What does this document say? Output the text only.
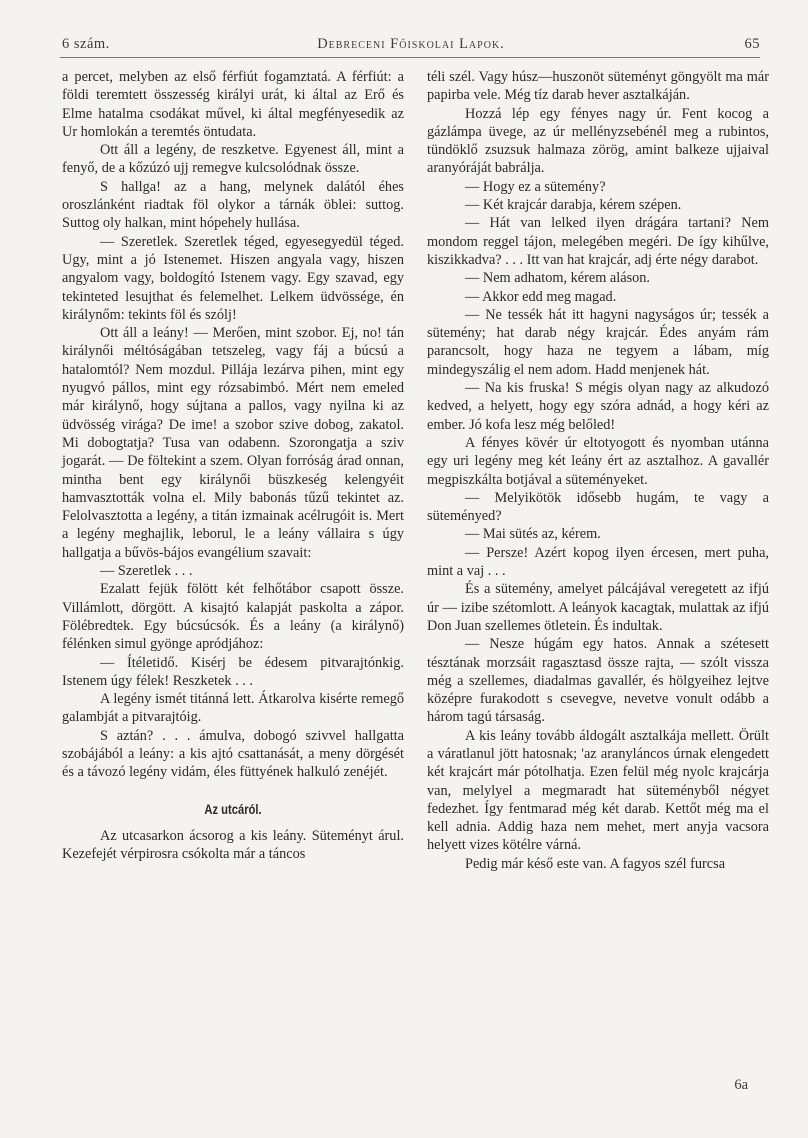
6 szám.	Debreceni Főiskolai Lapok.	65

a percet, melyben az első férfiút fogamztatá. A férfiút: a földi teremtett összesség királyi urát, ki által az Erő és Elme hatalma csodákat művel, ki által megfényesedik az Ur homlokán a teremtés öntudata.

Ott áll a legény, de reszketve. Egyenest áll, mint a fenyő, de a kőzúzó ujj remegve kulcsolódnak össze.

S hallga! az a hang, melynek dalától éhes oroszlánként riadtak föl olykor a tárnák öblei: suttog. Suttog oly halkan, mint hópehely hullása.

— Szeretlek. Szeretlek téged, egyesegyedül téged. Ugy, mint a jó Istenemet. Hiszen angyala vagy, hiszen angyalom vagy, boldogító Istenem vagy. Egy szavad, egy tekinteted lesujthat és felemelhet. Lelkem üdvössége, én királynőm: tekints föl és szólj!

Ott áll a leány! — Merően, mint szobor. Ej, no! tán királynői méltóságában tetszeleg, vagy fáj a búcsú a hatalomtól? Nem mozdul. Pillája lezárva pihen, mint egy nyugvó pállos, mint egy rózsabimbó. Mért nem emeled már királynő, hogy sújtana a pallos, vagy nyilna ki az üdvösség virága? De ime! a szobor szive dobog, zakatol. Mi dobogtatja? Tusa van odabenn. Szorongatja a sziv jogarát. — De föltekint a szem. Olyan forróság árad onnan, mintha bent egy királynői büszkeség kelengyéit hamvasztották volna el. Mily babonás tűzű tekintet az. Felolvasztotta a legény, a titán izmainak acélrugóit is. Mert a legény meghajlik, leborul, le a leány vállaira s úgy hallgatja a bűvös-bájos evangélium szavait:

— Szeretlek . . .

Ezalatt fejük fölött két felhőtábor csapott össze. Villámlott, dörgött. A kisajtó kalapját paskolta a zápor. Fölébredtek. Egy búcsúcsók. És a leány (a királynő) félénken simul gyönge apródjához:

— Ítéletidő. Kisérj be édesem pitvarajtónkig. Istenem úgy félek! Reszketek . . .

A legény ismét titánná lett. Átkarolva kisérte remegő galambját a pitvarajtóig.

S aztán? . . . ámulva, dobogó szivvel hallgatta szobájából a leány: a kis ajtó csattanását, a meny dörgését és a távozó legény vidám, éles füttyének halkuló zenéjét.

Az utcáról.

Az utcasarkon ácsorog a kis leány. Süteményt árul. Kezefejét vérpirosra csókolta már a táncos

téli szél. Vagy húsz—huszonöt süteményt göngyölt ma már papirba vele. Még tíz darab hever asztalkáján.

Hozzá lép egy fényes nagy úr. Fent kocog a gázlámpa üvege, az úr mellényzsebénél meg a rubintos, tündöklő zsuzsuk halmaza zörög, amint balkeze ujjaival aranyóráját babrálja.

— Hogy ez a sütemény?

— Két krajcár darabja, kérem szépen.

— Hát van lelked ilyen drágára tartani? Nem mondom reggel tájon, melegében megéri. De így kihűlve, kiszikkadva? . . . Itt van hat krajcár, adj érte négy darabot.

— Nem adhatom, kérem aláson.

— Akkor edd meg magad.

— Ne tessék hát itt hagyni nagyságos úr; tessék a sütemény; hat darab négy krajcár. Édes anyám rám parancsolt, hogy haza ne tegyem a lábam, míg mindegyszálig el nem adom. Hadd menjenek hát.

— Na kis fruska! S mégis olyan nagy az alkudozó kedved, a helyett, hogy egy szóra adnád, a hogy kéri az ember. Jó kofa lesz még belőled!

A fényes kövér úr eltotyogott és nyomban utánna egy uri legény meg két leány ért az asztalhoz. A gavallér megpiszkálta botjával a süteményeket.

— Melyikötök idősebb hugám, te vagy a süteményed?

— Mai sütés az, kérem.

— Persze! Azért kopog ilyen ércesen, mert puha, mint a vaj . . .

És a sütemény, amelyet pálcájával veregetett az ifjú úr — izibe szétomlott. A leányok kacagtak, mulattak az ifjú Don Juan szellemes ötletein. És indultak.

— Nesze húgám egy hatos. Annak a szétesett tésztának morzsáit ragasztasd össze rajta, — szólt vissza még a szellemes, diadalmas gavallér, és hölgyeihez lejtve középre furakodott s csevegve, nevetve vonult odább a három tagú társaság.

A kis leány tovább áldogált asztalkája mellett. Örült a váratlanul jött hatosnak; 'az aranyláncos úrnak elengedett két krajcárt már pótolhatja. Ezen felül még nyolc krajcárja van, melylyel a megmaradt hat süteményből négyet fedezhet. Így fentmarad még két darab. Kettőt még ma el kell adnia. Addig haza nem mehet, mert anyja vacsora helyett vizes kötélre várná.

Pedig már késő este van. A fagyos szél furcsa

6a
